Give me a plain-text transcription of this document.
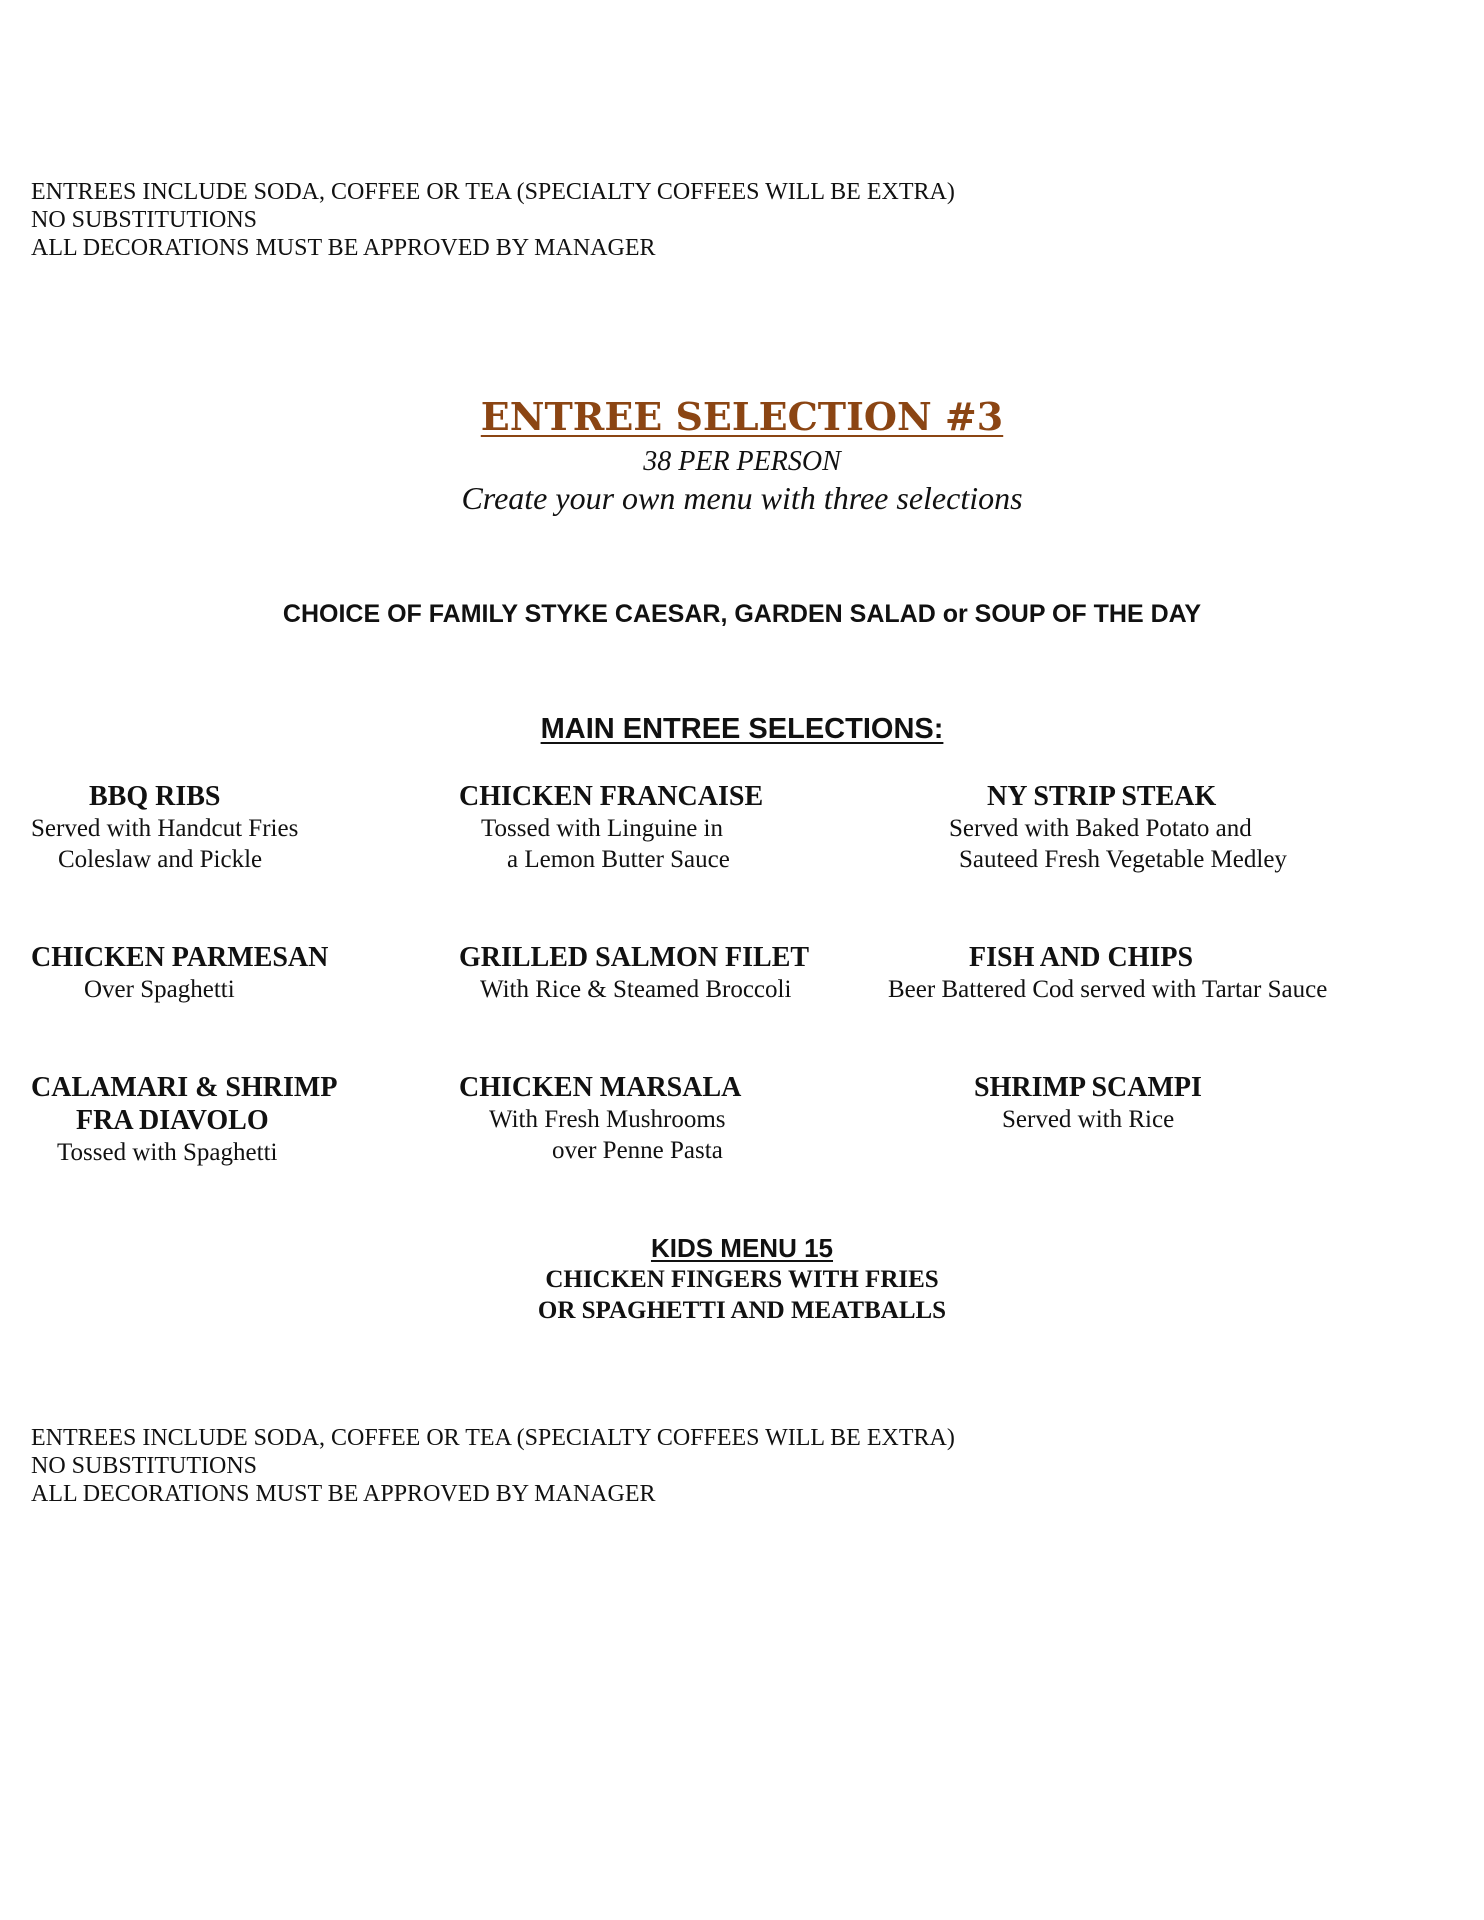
ENTREES INCLUDE SODA, COFFEE OR TEA (SPECIALTY COFFEES WILL BE EXTRA)
NO SUBSTITUTIONS
ALL DECORATIONS MUST BE APPROVED BY MANAGER
ENTREE SELECTION #3

38 PER PERSON

Create your own menu with three selections

CHOICE OF FAMILY STYKE CAESAR, GARDEN SALAD or SOUP OF THE DAY

MAIN ENTREE SELECTIONS:
BBQ RIBS
Served with Handcut Fries
Coleslaw and Pickle
CHICKEN FRANCAISE
Tossed with Linguine in
a Lemon Butter Sauce
NY STRIP STEAK
Served with Baked Potato and
Sauteed Fresh Vegetable Medley
CHICKEN PARMESAN
Over Spaghetti
GRILLED SALMON FILET
With Rice & Steamed Broccoli
FISH AND CHIPS
Beer Battered Cod served with Tartar Sauce
CALAMARI & SHRIMP
FRA DIAVOLO
Tossed with Spaghetti
CHICKEN MARSALA
With Fresh Mushrooms
over Penne Pasta
SHRIMP SCAMPI
Served with Rice
KIDS MENU 15
CHICKEN FINGERS WITH FRIES
OR SPAGHETTI AND MEATBALLS
ENTREES INCLUDE SODA, COFFEE OR TEA (SPECIALTY COFFEES WILL BE EXTRA)
NO SUBSTITUTIONS
ALL DECORATIONS MUST BE APPROVED BY MANAGER
